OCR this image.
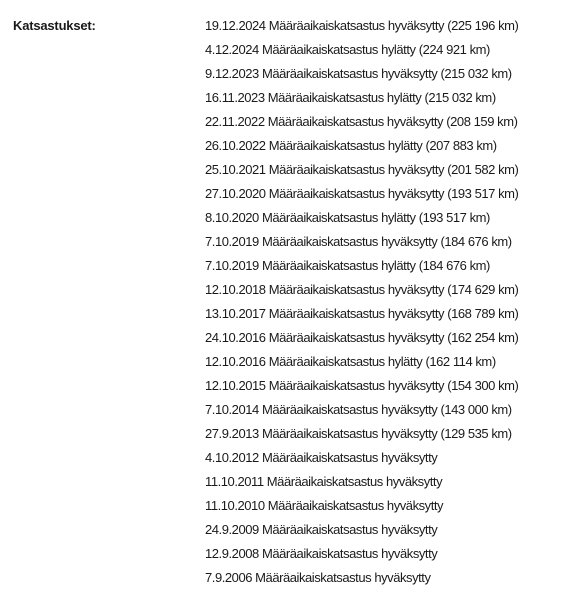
Katsastukset:	19.12.2024 Määräaikaiskatsastus hyväksytty (225 196 km)
4.12.2024 Määräaikaiskatsastus hylätty (224 921 km)
9.12.2023 Määräaikaiskatsastus hyväksytty (215 032 km)
16.11.2023 Määräaikaiskatsastus hylätty (215 032 km)
22.11.2022 Määräaikaiskatsastus hyväksytty (208 159 km)
26.10.2022 Määräaikaiskatsastus hylätty (207 883 km)
25.10.2021 Määräaikaiskatsastus hyväksytty (201 582 km)
27.10.2020 Määräaikaiskatsastus hyväksytty (193 517 km)
8.10.2020 Määräaikaiskatsastus hylätty (193 517 km)
7.10.2019 Määräaikaiskatsastus hyväksytty (184 676 km)
7.10.2019 Määräaikaiskatsastus hylätty (184 676 km)
12.10.2018 Määräaikaiskatsastus hyväksytty (174 629 km)
13.10.2017 Määräaikaiskatsastus hyväksytty (168 789 km)
24.10.2016 Määräaikaiskatsastus hyväksytty (162 254 km)
12.10.2016 Määräaikaiskatsastus hylätty (162 114 km)
12.10.2015 Määräaikaiskatsastus hyväksytty (154 300 km)
7.10.2014 Määräaikaiskatsastus hyväksytty (143 000 km)
27.9.2013 Määräaikaiskatsastus hyväksytty (129 535 km)
4.10.2012 Määräaikaiskatsastus hyväksytty
11.10.2011 Määräaikaiskatsastus hyväksytty
11.10.2010 Määräaikaiskatsastus hyväksytty
24.9.2009 Määräaikaiskatsastus hyväksytty
12.9.2008 Määräaikaiskatsastus hyväksytty
7.9.2006 Määräaikaiskatsastus hyväksytty
